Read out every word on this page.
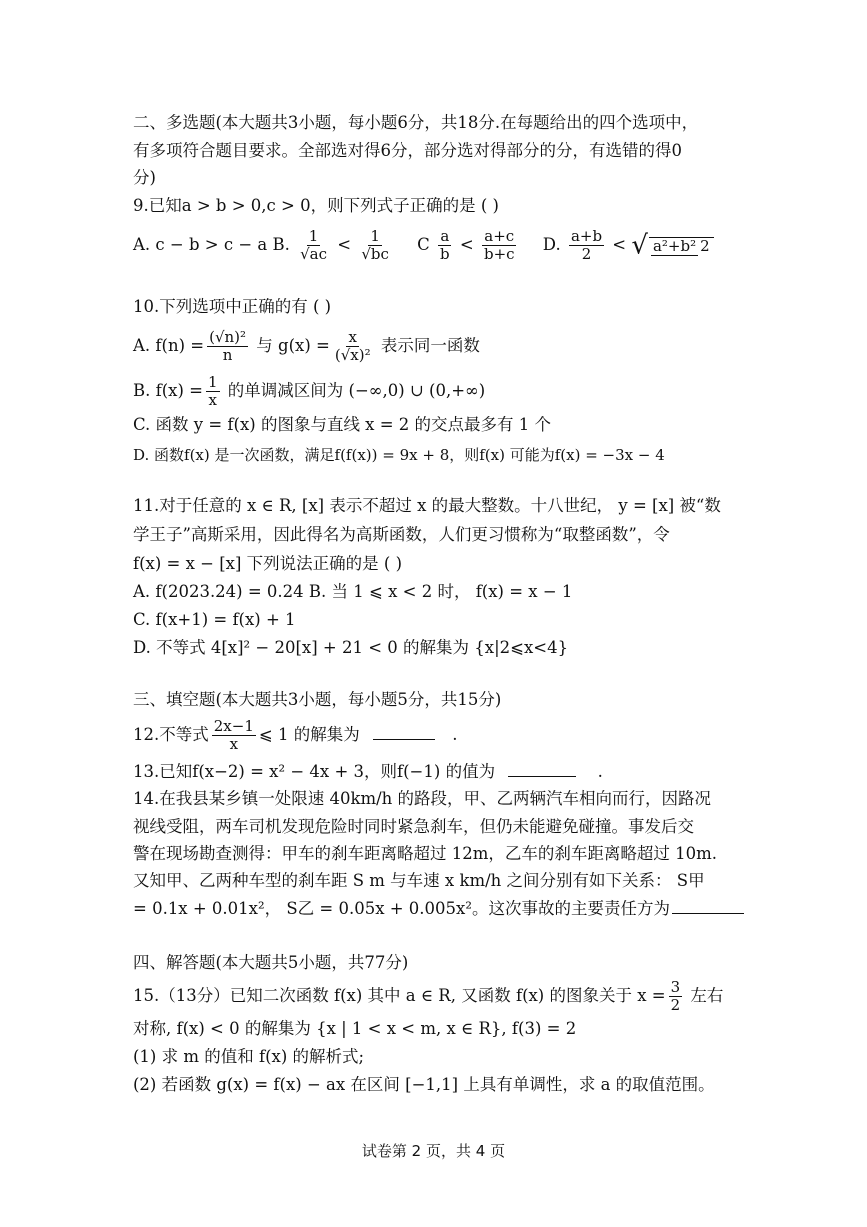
二、多选题(本大题共3小题，每小题6分，共18分.在每题给出的四个选项中，
有多项符合题目要求。全部选对得6分，部分选对得部分的分，有选错的得0
分)
9.已知a > b > 0,c > 0，则下列式子正确的是 ( )
A. c − b > c − a B. $\frac{1}{√ac} < \frac{1}{√bc}$ C $\frac{a}{b} < \frac{a+c}{b+c} D$. $\frac{a+b}{2}$ < √ a²+b² 2
10.下列选项中正确的有 ( )
A. $f(n) = \frac{\text{(√n)²}}{n}$ 与 $g(x) = \frac{x}{\text{(√x)²}}$ 表示同一函数
B. $f(x) = \frac{1}{x}$ 的单调减区间为 (−∞,0) ∪ (0,+∞)
C. 函数 y = f(x) 的图象与直线 x = 2 的交点最多有 1 个
D. 函数f(x) 是一次函数，满足f(f(x)) = 9x + 8，则f(x) 可能为f(x) = −3x − 4
11.对于任意的 x ∈ R, [x] 表示不超过 x 的最大整数。十八世纪， y = [x] 被“数
学王子”高斯采用，因此得名为高斯函数，人们更习惯称为“取整函数”，令
f(x) = x − [x] 下列说法正确的是 ( )
A. f(2023.24) = 0.24 B. 当 1 ⩽ x < 2 时， f(x) = x − 1
C. f(x+1) = f(x) + 1
D. 不等式 4[x]² − 20[x] + 21 < 0 的解集为 {x|2⩽x<4}
三、填空题(本大题共3小题，每小题5分，共15分)
12.不等式 $\frac{2x-1}{x}$ ⩽ 1 的解集为	.
13.已知f(x−2) = x² − 4x + 3，则f(−1) 的值为	.
14.在我县某乡镇一处限速 40km/h 的路段，甲、乙两辆汽车相向而行，因路况
视线受阻，两车司机发现危险时同时紧急刹车，但仍未能避免碰撞。事发后交
警在现场勘查测得：甲车的刹车距离略超过 12m，乙车的刹车距离略超过 10m.
又知甲、乙两种车型的刹车距 S m 与车速 x km/h 之间分别有如下关系： S甲
= 0.1x + 0.01x²， S乙 = 0.05x + 0.005x²。这次事故的主要责任方为
四、解答题(本大题共5小题，共77分)
15.（13分）已知二次函数 f(x) 其中 a ∈ R, 又函数 f(x) 的图象关于 $x = \frac{3}{2}$ 左右
对称, f(x) < 0 的解集为 {x | 1 < x < m, x ∈ R}, f(3) = 2
(1) 求 m 的值和 f(x) 的解析式;
(2) 若函数 g(x) = f(x) − ax 在区间 [−1,1] 上具有单调性，求 a 的取值范围。
试卷第 2 页，共 4 页
